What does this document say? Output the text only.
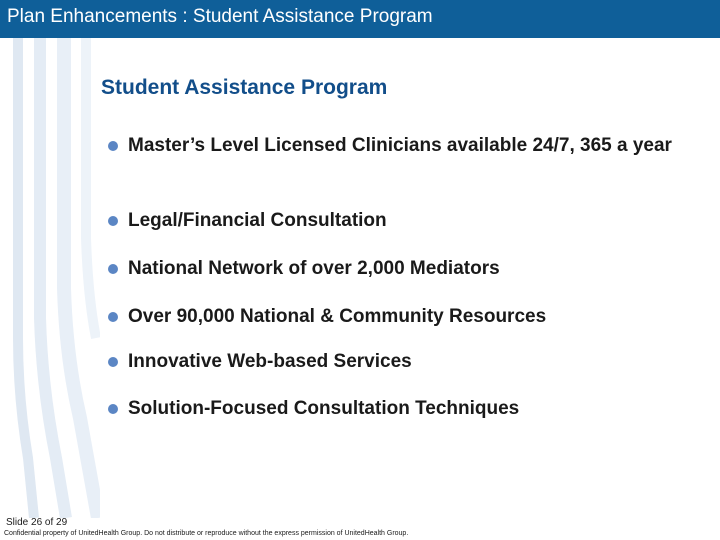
Plan Enhancements : Student Assistance Program
Student Assistance Program
Master’s Level Licensed Clinicians available 24/7, 365 a year
Legal/Financial Consultation
National Network of over 2,000 Mediators
Over 90,000 National & Community Resources
Innovative Web-based Services
Solution-Focused Consultation Techniques
Slide 26 of 29
Confidential property of UnitedHealth Group. Do not distribute or reproduce without the express permission of UnitedHealth Group.
